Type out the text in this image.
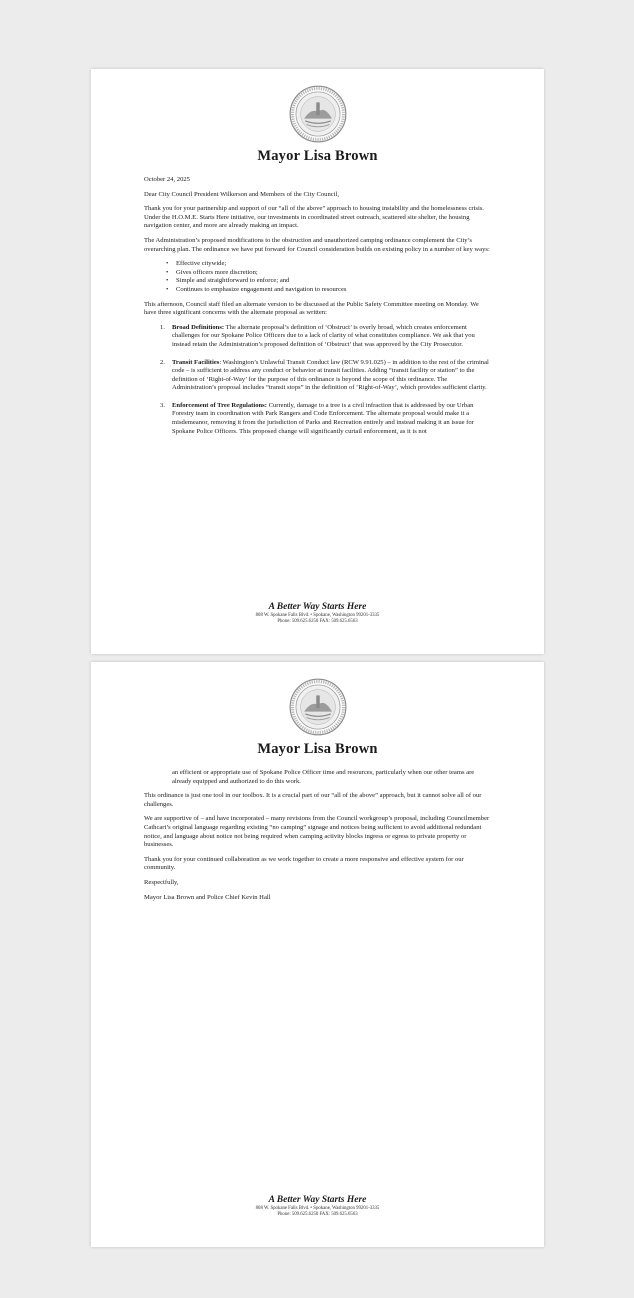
Mayor Lisa Brown

October 24, 2025

Dear City Council President Wilkerson and Members of the City Council,

Thank you for your partnership and support of our “all of the above” approach to housing instability and the homelessness crisis. Under the H.O.M.E. Starts Here initiative, our investments in coordinated street outreach, scattered site shelter, the housing navigation center, and more are already making an impact.

The Administration’s proposed modifications to the obstruction and unauthorized camping ordinance complement the City’s overarching plan. The ordinance we have put forward for Council consideration builds on existing policy in a number of key ways:

• Effective citywide;
• Gives officers more discretion;
• Simple and straightforward to enforce; and
• Continues to emphasize engagement and navigation to resources

This afternoon, Council staff filed an alternate version to be discussed at the Public Safety Committee meeting on Monday. We have three significant concerns with the alternate proposal as written:

1. Broad Definitions: The alternate proposal’s definition of ‘Obstruct’ is overly broad, which creates enforcement challenges for our Spokane Police Officers due to a lack of clarity of what constitutes compliance. We ask that you instead retain the Administration’s proposed definition of ‘Obstruct’ that was approved by the City Prosecutor.
2. Transit Facilities: Washington’s Unlawful Transit Conduct law (RCW 9.91.025) – in addition to the rest of the criminal code – is sufficient to address any conduct or behavior at transit facilities. Adding “transit facility or station” to the definition of ‘Right-of-Way’ for the purpose of this ordinance is beyond the scope of this ordinance. The Administration’s proposal includes “transit stops” in the definition of ‘Right-of-Way’, which provides sufficient clarity.
3. Enforcement of Tree Regulations: Currently, damage to a tree is a civil infraction that is addressed by our Urban Forestry team in coordination with Park Rangers and Code Enforcement. The alternate proposal would make it a misdemeanor, removing it from the jurisdiction of Parks and Recreation entirely and instead making it an issue for Spokane Police Officers. This proposed change will significantly curtail enforcement, as it is not
A Better Way Starts Here
808 W. Spokane Falls Blvd. • Spokane, Washington 99201-3335
Phone: 509.625.6250 FAX: 509.625.6563
Mayor Lisa Brown

an efficient or appropriate use of Spokane Police Officer time and resources, particularly when our other teams are already equipped and authorized to do this work.

This ordinance is just one tool in our toolbox. It is a crucial part of our “all of the above” approach, but it cannot solve all of our challenges.

We are supportive of – and have incorporated – many revisions from the Council workgroup’s proposal, including Councilmember Cathcart’s original language regarding existing “no camping” signage and notices being sufficient to avoid additional redundant notice, and language about notice not being required when camping activity blocks ingress or egress to private property or businesses.

Thank you for your continued collaboration as we work together to create a more responsive and effective system for our community.

Respectfully,

Mayor Lisa Brown and Police Chief Kevin Hall

A Better Way Starts Here
808 W. Spokane Falls Blvd. • Spokane, Washington 99201-3335
Phone: 509.625.6250 FAX: 509.625.6563
